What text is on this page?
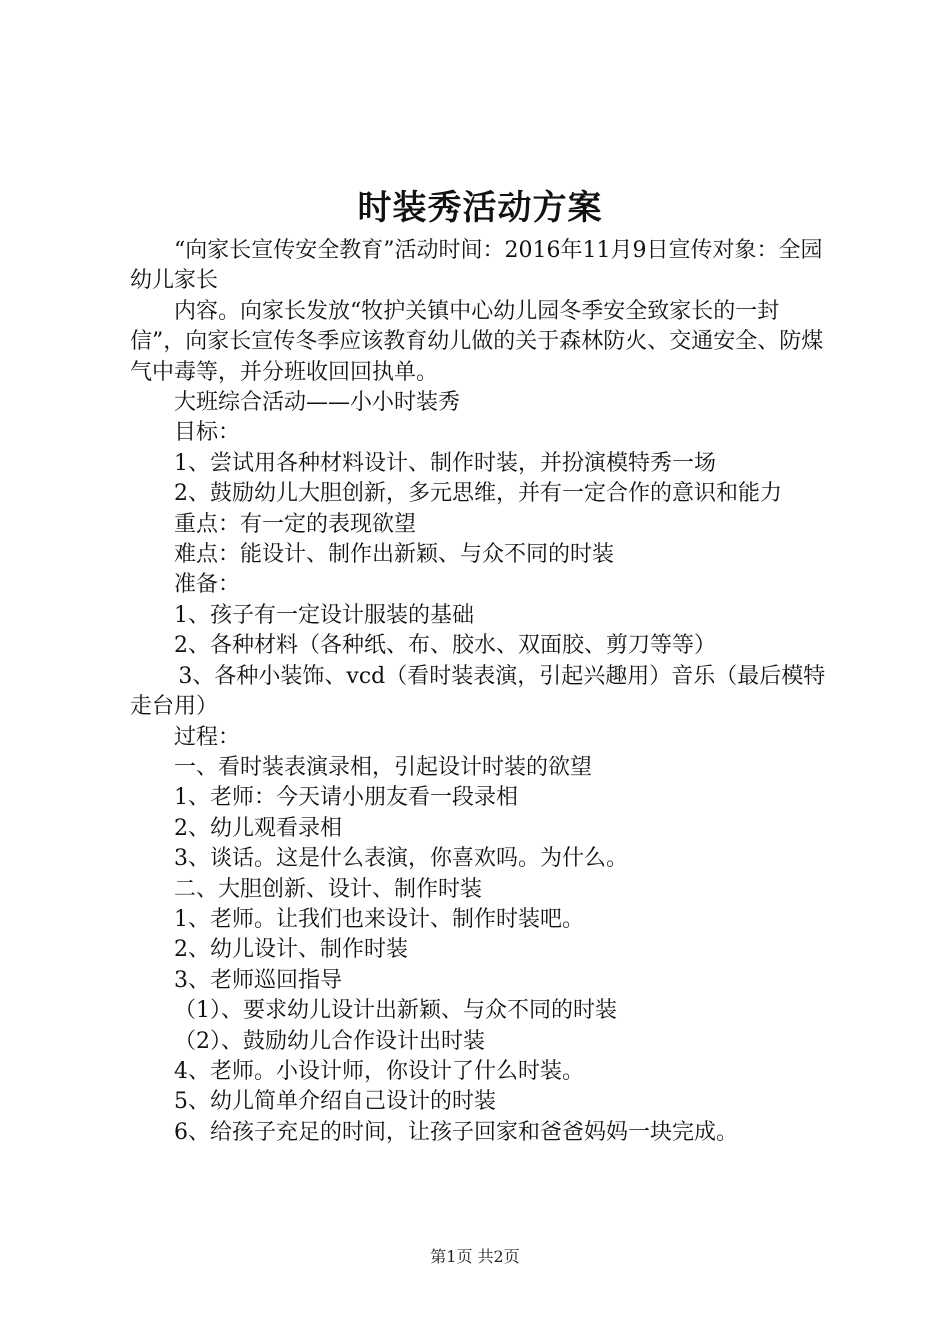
时装秀活动方案

“向家长宣传安全教育”活动时间：2016年11月9日宣传对象：全园幼儿家长

内容。向家长发放“牧护关镇中心幼儿园冬季安全致家长的一封信”，向家长宣传冬季应该教育幼儿做的关于森林防火、交通安全、防煤气中毒等，并分班收回回执单。

大班综合活动——小小时装秀

目标：

1、尝试用各种材料设计、制作时装，并扮演模特秀一场

2、鼓励幼儿大胆创新，多元思维，并有一定合作的意识和能力

重点：有一定的表现欲望

难点：能设计、制作出新颖、与众不同的时装

准备：

1、孩子有一定设计服装的基础

2、各种材料（各种纸、布、胶水、双面胶、剪刀等等）

3、各种小装饰、vcd（看时装表演，引起兴趣用）音乐（最后模特走台用）

过程：

一、看时装表演录相，引起设计时装的欲望

1、老师：今天请小朋友看一段录相

2、幼儿观看录相

3、谈话。这是什么表演，你喜欢吗。为什么。

二、大胆创新、设计、制作时装

1、老师。让我们也来设计、制作时装吧。

2、幼儿设计、制作时装

3、老师巡回指导

（1）、要求幼儿设计出新颖、与众不同的时装

（2）、鼓励幼儿合作设计出时装

4、老师。小设计师，你设计了什么时装。

5、幼儿简单介绍自己设计的时装

6、给孩子充足的时间，让孩子回家和爸爸妈妈一块完成。

第1页 共2页
